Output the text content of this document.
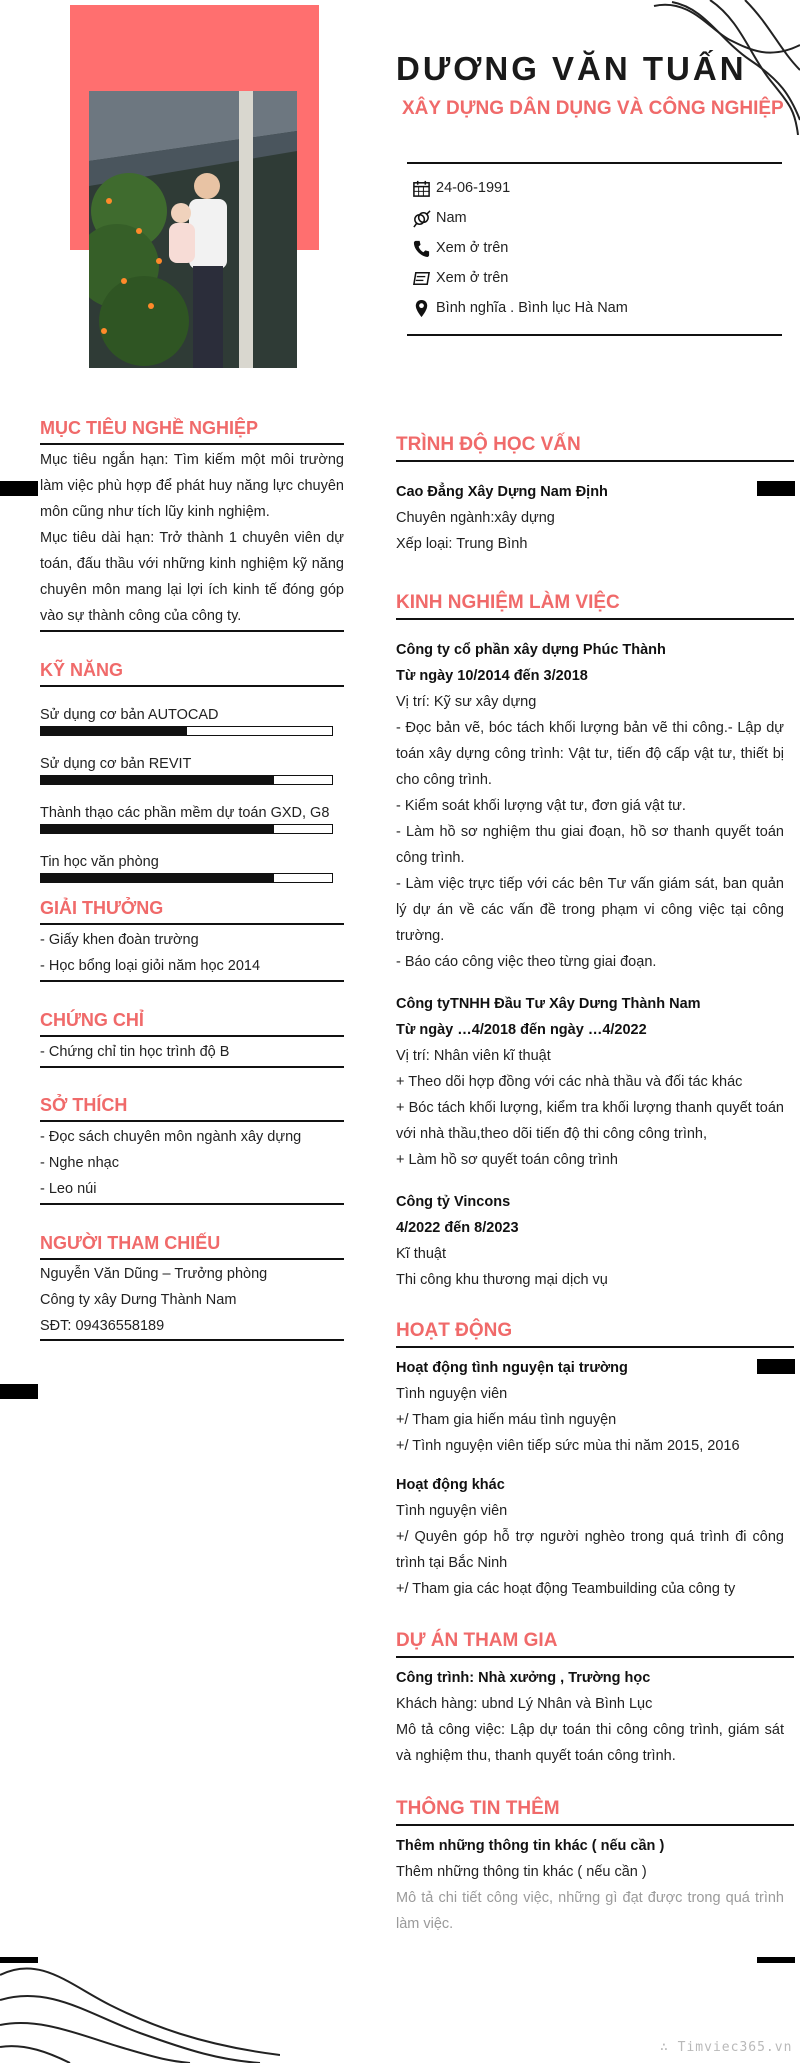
DƯƠNG VĂN TUẤN
XÂY DỰNG DÂN DỤNG VÀ CÔNG NGHIỆP
24-06-1991
Nam
Xem ở trên
Xem ở trên
Bình nghĩa . Bình lục Hà Nam
MỤC TIÊU NGHỀ NGHIỆP
Mục tiêu ngắn hạn: Tìm kiếm một môi trường làm việc phù hợp để phát huy năng lực chuyên môn cũng như tích lũy kinh nghiệm.
Mục tiêu dài hạn: Trở thành 1 chuyên viên dự toán, đấu thầu với những kinh nghiệm kỹ năng chuyên môn mang lại lợi ích kinh tế đóng góp vào sự thành công của công ty.
KỸ NĂNG
Sử dụng cơ bản AUTOCAD
Sử dụng cơ bản REVIT
Thành thạo các phần mềm dự toán GXD, G8
Tin học văn phòng
GIẢI THƯỞNG
- Giấy khen đoàn trường
- Học bổng loại giỏi năm học 2014
CHỨNG CHỈ
- Chứng chỉ tin học trình độ B
SỞ THÍCH
- Đọc sách chuyên môn ngành xây dựng
- Nghe nhạc
- Leo núi
NGƯỜI THAM CHIẾU
Nguyễn Văn Dũng – Trưởng phòng
Công ty xây Dưng Thành Nam
SĐT: 09436558189
TRÌNH ĐỘ HỌC VẤN
Cao Đẳng Xây Dựng Nam Định
Chuyên ngành:xây dựng
Xếp loại: Trung Bình
KINH NGHIỆM LÀM VIỆC
Công ty cổ phần xây dựng Phúc Thành
Từ ngày 10/2014 đến 3/2018
Vị trí: Kỹ sư xây dựng
- Đọc bản vẽ, bóc tách khối lượng bản vẽ thi công.- Lập dự toán xây dựng công trình: Vật tư, tiến độ cấp vật tư, thiết bị cho công trình.
- Kiểm soát khối lượng vật tư, đơn giá vật tư.
- Làm hồ sơ nghiệm thu giai đoạn, hồ sơ thanh quyết toán công trình.
- Làm việc trực tiếp với các bên Tư vấn giám sát, ban quản lý dự án về các vấn đề trong phạm vi công việc tại công trường.
- Báo cáo công việc theo từng giai đoạn.
Công tyTNHH Đầu Tư Xây Dưng Thành Nam
Từ ngày …4/2018 đến ngày …4/2022
Vị trí: Nhân viên kĩ thuật
+ Theo dõi hợp đồng với các nhà thầu và đối tác khác
+ Bóc tách khối lượng, kiểm tra khối lượng thanh quyết toán với nhà thầu,theo dõi tiến độ thi công công trình,
+ Làm hồ sơ quyết toán công trình
Công tỷ Vincons
4/2022 đến 8/2023
Kĩ thuật
Thi công khu thương mại dịch vụ
HOẠT ĐỘNG
Hoạt động tình nguyện tại trường
Tình nguyện viên
+/ Tham gia hiến máu tình nguyện
+/ Tình nguyện viên tiếp sức mùa thi năm 2015, 2016
Hoạt động khác
Tình nguyện viên
+/ Quyên góp hỗ trợ người nghèo trong quá trình đi công trình tại Bắc Ninh
+/ Tham gia các hoạt động Teambuilding của công ty
DỰ ÁN THAM GIA
Công trình: Nhà xưởng , Trường học
Khách hàng: ubnd Lý Nhân và Bình Lục
Mô tả công việc: Lập dự toán thi công công trình, giám sát và nghiệm thu, thanh quyết toán công trình.
THÔNG TIN THÊM
Thêm những thông tin khác ( nếu cần )
Thêm những thông tin khác ( nếu cần )
Mô tả chi tiết công việc, những gì đạt được trong quá trình làm việc.
∴ Timviec365.vn
